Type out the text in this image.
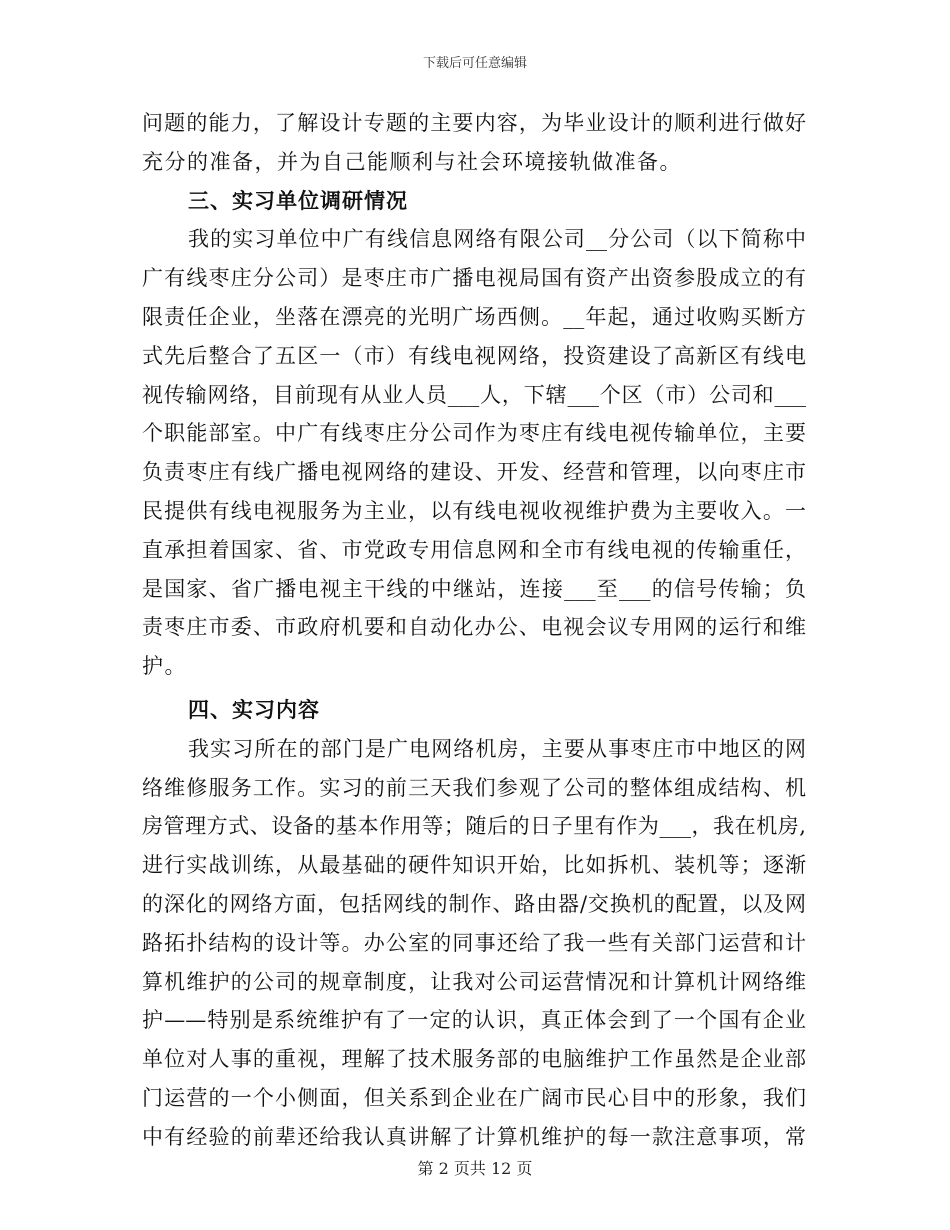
下载后可任意编辑
问题的能力，了解设计专题的主要内容，为毕业设计的顺利进行做好
充分的准备，并为自己能顺利与社会环境接轨做准备。
三、实习单位调研情况
我的实习单位中广有线信息网络有限公司__分公司（以下简称中
广有线枣庄分公司）是枣庄市广播电视局国有资产出资参股成立的有
限责任企业，坐落在漂亮的光明广场西侧。__年起，通过收购买断方
式先后整合了五区一（市）有线电视网络，投资建设了高新区有线电
视传输网络，目前现有从业人员___人，下辖___个区（市）公司和___
个职能部室。中广有线枣庄分公司作为枣庄有线电视传输单位，主要
负责枣庄有线广播电视网络的建设、开发、经营和管理，以向枣庄市
民提供有线电视服务为主业，以有线电视收视维护费为主要收入。一
直承担着国家、省、市党政专用信息网和全市有线电视的传输重任，
是国家、省广播电视主干线的中继站，连接___至___的信号传输；负
责枣庄市委、市政府机要和自动化办公、电视会议专用网的运行和维
护。
四、实习内容
我实习所在的部门是广电网络机房，主要从事枣庄市中地区的网
络维修服务工作。实习的前三天我们参观了公司的整体组成结构、机
房管理方式、设备的基本作用等；随后的日子里有作为___，我在机房,
进行实战训练，从最基础的硬件知识开始，比如拆机、装机等；逐渐
的深化的网络方面，包括网线的制作、路由器/交换机的配置，以及网
路拓扑结构的设计等。办公室的同事还给了我一些有关部门运营和计
算机维护的公司的规章制度，让我对公司运营情况和计算机计网络维
护——特别是系统维护有了一定的认识，真正体会到了一个国有企业
单位对人事的重视，理解了技术服务部的电脑维护工作虽然是企业部
门运营的一个小侧面，但关系到企业在广阔市民心目中的形象，我们
中有经验的前辈还给我认真讲解了计算机维护的每一款注意事项，常
第 2 页共 12 页
